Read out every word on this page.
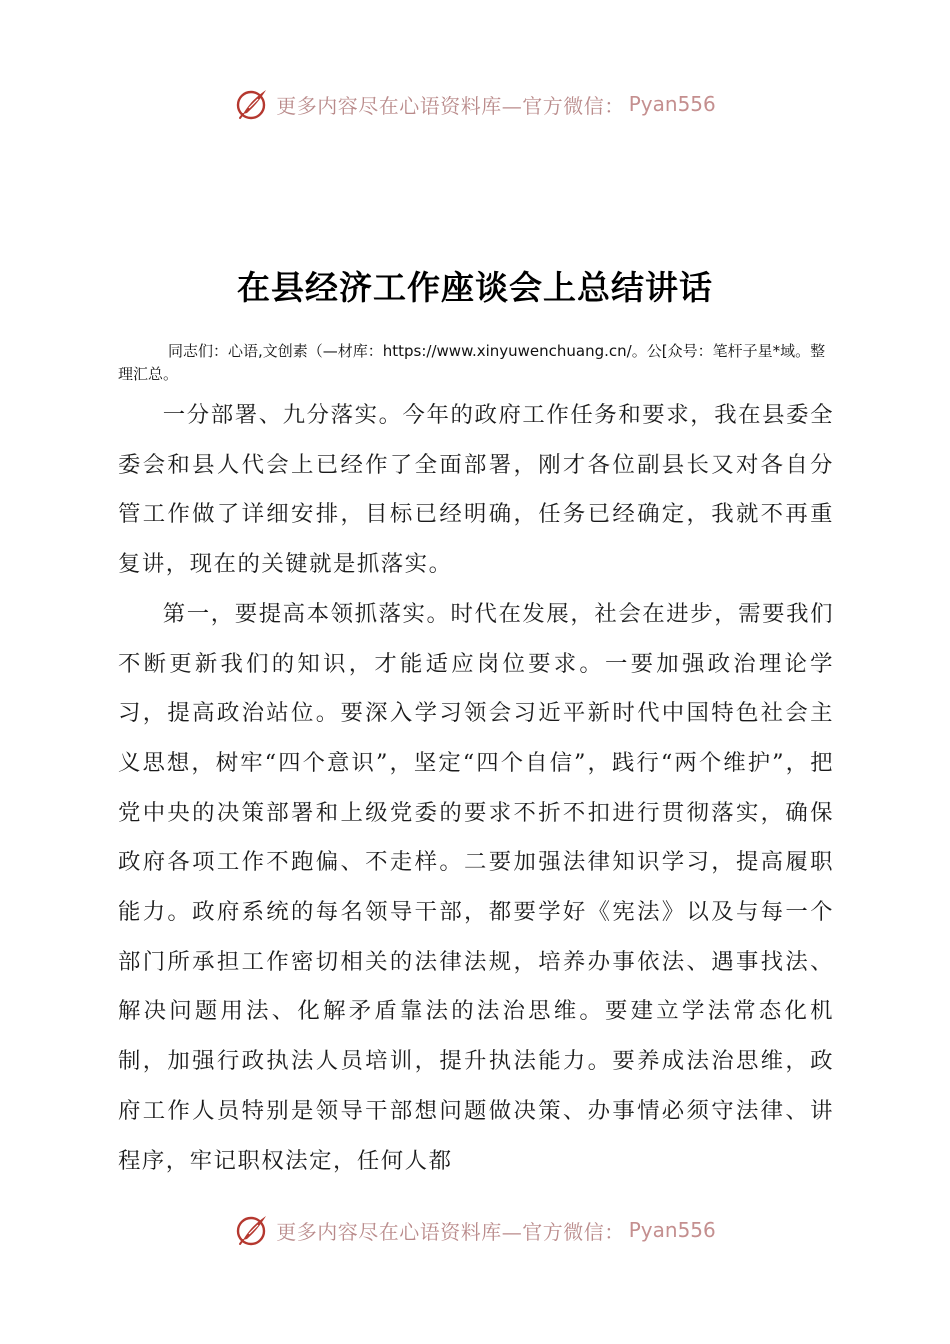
更多内容尽在心语资料库—官方微信： Pyan556
在县经济工作座谈会上总结讲话

同志们：心语,文创素（—材库：https://www.xinyuwenchuang.cn/。公[众号：笔杆子星*域。整理汇总。

一分部署、九分落实。今年的政府工作任务和要求，我在县委全委会和县人代会上已经作了全面部署，刚才各位副县长又对各自分管工作做了详细安排，目标已经明确，任务已经确定，我就不再重复讲，现在的关键就是抓落实。

第一，要提高本领抓落实。时代在发展，社会在进步，需要我们不断更新我们的知识，才能适应岗位要求。一要加强政治理论学习，提高政治站位。要深入学习领会习近平新时代中国特色社会主义思想，树牢“四个意识”，坚定“四个自信”，践行“两个维护”，把党中央的决策部署和上级党委的要求不折不扣进行贯彻落实，确保政府各项工作不跑偏、不走样。二要加强法律知识学习，提高履职能力。政府系统的每名领导干部，都要学好《宪法》以及与每一个部门所承担工作密切相关的法律法规，培养办事依法、遇事找法、解决问题用法、化解矛盾靠法的法治思维。要建立学法常态化机制，加强行政执法人员培训，提升执法能力。要养成法治思维，政府工作人员特别是领导干部想问题做决策、办事情必须守法律、讲程序，牢记职权法定，任何人都

更多内容尽在心语资料库—官方微信： Pyan556
